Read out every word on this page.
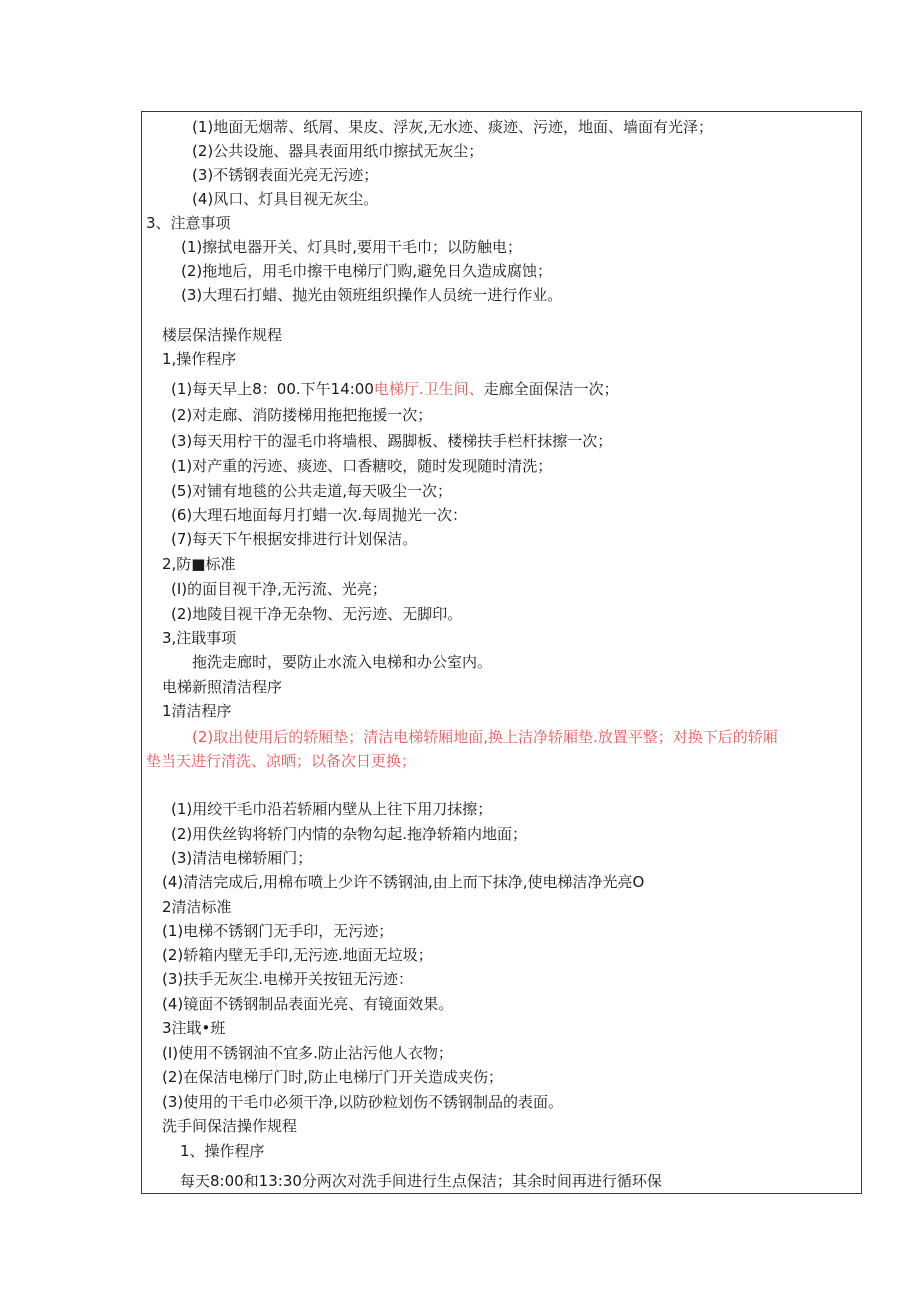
(1)地面无烟蒂、纸屑、果皮、浮灰,无水迹、痰迹、污迹，地面、墙面有光泽；
(2)公共设施、器具表面用纸巾擦拭无灰尘；
(3)不锈钢表面光亮无污迹；
(4)风口、灯具目视无灰尘。
3、注意事项
(1)擦拭电器开关、灯具时,要用干毛巾；以防触电；
(2)拖地后，用毛巾擦干电梯厅门购,避免日久造成腐蚀；
(3)大理石打蜡、抛光由领班组织操作人员统一进行作业。
楼层保洁操作规程
1,操作程序
(1)每天早上8：00.下午14:00电梯厅.卫生间、走廊全面保洁一次；
(2)对走廊、消防搂梯用拖把拖援一次；
(3)每天用柠干的湿毛巾将墙根、踢脚板、楼梯扶手栏杆抹擦一次；
(1)对产重的污迹、痰迹、口香糖咬，随时发现随时清洗；
(5)对铺有地毯的公共走道,每天吸尘一次；
(6)大理石地面每月打蜡一次.每周抛光一次：
(7)每天下午根据安排进行计划保洁。
2,防■标准
(I)的面目视干净,无污流、光亮；
(2)地陵目视干净无杂物、无污迹、无脚印。
3,注戢事项
拖洗走廊时，要防止水流入电梯和办公室内。
电梯新照清洁程序
1清洁程序
(2)取出使用后的轿厢垫；清洁电梯轿厢地面,换上洁净轿厢垫.放置平整；对换下后的轿厢
垫当天进行清洗、凉晒；以备次日更换；
(1)用绞干毛巾沿若轿厢内壁从上往下用刀抹擦；
(2)用佚丝钩将轿门内情的杂物勾起.拖净轿箱内地面；
(3)清洁电梯轿厢门；
(4)清洁完成后,用棉布喷上少许不锈钢油,由上而下抹净,使电梯洁净光亮O
2清洁标准
(1)电梯不锈钢门无手印，无污迹；
(2)轿箱内壁无手印,无污迹.地面无垃圾；
(3)扶手无灰尘.电梯开关按钮无污迹：
(4)镜面不锈钢制品表面光亮、有镜面效果。
3注戢•班
(I)使用不锈钢油不宜多.防止沾污他人衣物；
(2)在保洁电梯厅门时,防止电梯厅门开关造成夹伤；
(3)使用的干毛巾必须干净,以防砂粒划伤不锈钢制品的表面。
洗手间保洁操作规程
1、操作程序
每天8:00和13:30分两次对洗手间进行生点保洁；其余时间再进行循环保
